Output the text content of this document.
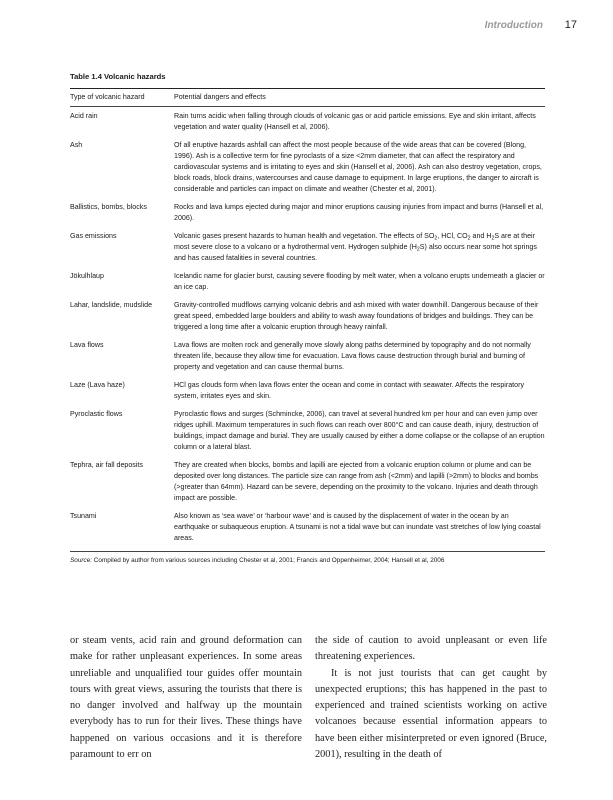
Introduction 17
Table 1.4 Volcanic hazards
Type of volcanic hazard	Potential dangers and effects

Acid rain	Rain turns acidic when falling through clouds of volcanic gas or acid particle emissions. Eye and skin irritant, affects vegetation and water quality (Hansell et al, 2006).
Ash	Of all eruptive hazards ashfall can affect the most people because of the wide areas that can be covered (Blong, 1996). Ash is a collective term for fine pyroclasts of a size <2mm diameter, that can affect the respiratory and cardiovascular systems and is irritating to eyes and skin (Hansell et al, 2006). Ash can also destroy vegetation, crops, block roads, block drains, watercourses and cause damage to equipment. In large eruptions, the danger to aircraft is considerable and particles can impact on climate and weather (Chester et al, 2001).
Ballistics, bombs, blocks	Rocks and lava lumps ejected during major and minor eruptions causing injuries from impact and burns (Hansell et al, 2006).
Gas emissions	Volcanic gases present hazards to human health and vegetation. The effects of $SO_2$, HCl, $CO_2$ and $H_2S$ are at their most severe close to a volcano or a hydrothermal vent. Hydrogen sulphide $(H_2S)$ also occurs near some hot springs and has caused fatalities in several countries.
Jökulhlaup	Icelandic name for glacier burst, causing severe flooding by melt water, when a volcano erupts underneath a glacier or an ice cap.
Lahar, landslide, mudslide	Gravity-controlled mudflows carrying volcanic debris and ash mixed with water downhill. Dangerous because of their great speed, embedded large boulders and ability to wash away foundations of bridges and buildings. They can be triggered a long time after a volcanic eruption through heavy rainfall.
Lava flows	Lava flows are molten rock and generally move slowly along paths determined by topography and do not normally threaten life, because they allow time for evacuation. Lava flows cause destruction through burial and burning of property and vegetation and can cause thermal burns.
Laze (Lava haze)	HCl gas clouds form when lava flows enter the ocean and come in contact with seawater. Affects the respiratory system, irritates eyes and skin.
Pyroclastic flows	Pyroclastic flows and surges (Schmincke, 2006), can travel at several hundred km per hour and can even jump over ridges uphill. Maximum temperatures in such flows can reach over 800°C and can cause death, injury, destruction of buildings, impact damage and burial. They are usually caused by either a dome collapse or the collapse of an eruption column or a lateral blast.
Tephra, air fall deposits	They are created when blocks, bombs and lapilli are ejected from a volcanic eruption column or plume and can be deposited over long distances. The particle size can range from ash (<2mm) and lapilli (>2mm) to blocks and bombs (>greater than 64mm). Hazard can be severe, depending on the proximity to the volcano. Injuries and death through impact are possible.
Tsunami	Also known as ‘sea wave’ or ‘harbour wave’ and is caused by the displacement of water in the ocean by an earthquake or subaqueous eruption. A tsunami is not a tidal wave but can inundate vast stretches of low lying coastal areas.
Source: Compiled by author from various sources including Chester et al, 2001; Francis and Oppenheimer, 2004; Hansell et al, 2006

or steam vents, acid rain and ground deformation can make for rather unpleasant experiences. In some areas unreliable and unqualified tour guides offer mountain tours with great views, assuring the tourists that there is no danger involved and halfway up the mountain everybody has to run for their lives. These things have happened on various occasions and it is therefore paramount to err on

the side of caution to avoid unpleasant or even life threatening experiences.

It is not just tourists that can get caught by unexpected eruptions; this has happened in the past to experienced and trained scientists working on active volcanoes because essential information appears to have been either misinterpreted or even ignored (Bruce, 2001), resulting in the death of
